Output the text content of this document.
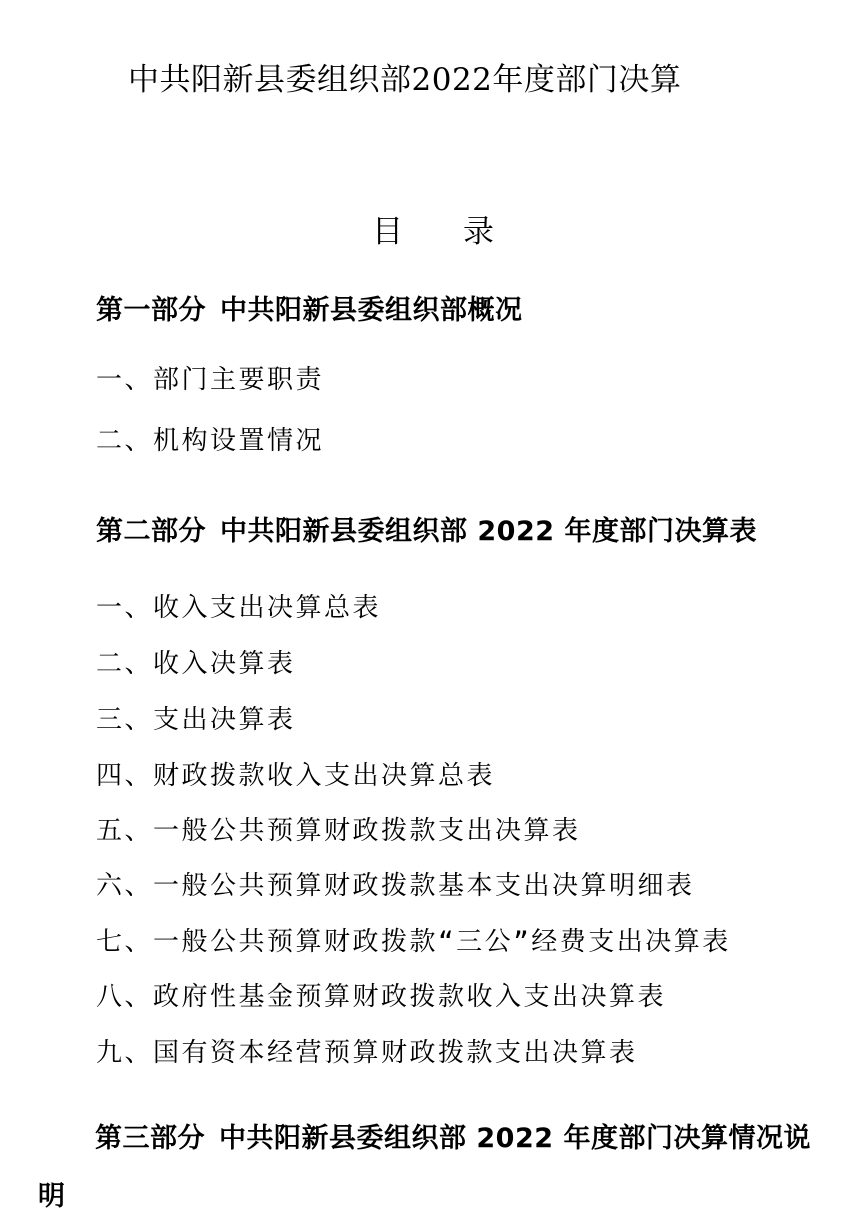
中共阳新县委组织部2022年度部门决算
目录
第一部分 中共阳新县委组织部概况
一、部门主要职责
二、机构设置情况
第二部分 中共阳新县委组织部 2022 年度部门决算表
一、收入支出决算总表
二、收入决算表
三、支出决算表
四、财政拨款收入支出决算总表
五、一般公共预算财政拨款支出决算表
六、一般公共预算财政拨款基本支出决算明细表
七、一般公共预算财政拨款“三公”经费支出决算表
八、政府性基金预算财政拨款收入支出决算表
九、国有资本经营预算财政拨款支出决算表
第三部分 中共阳新县委组织部 2022 年度部门决算情况说明
